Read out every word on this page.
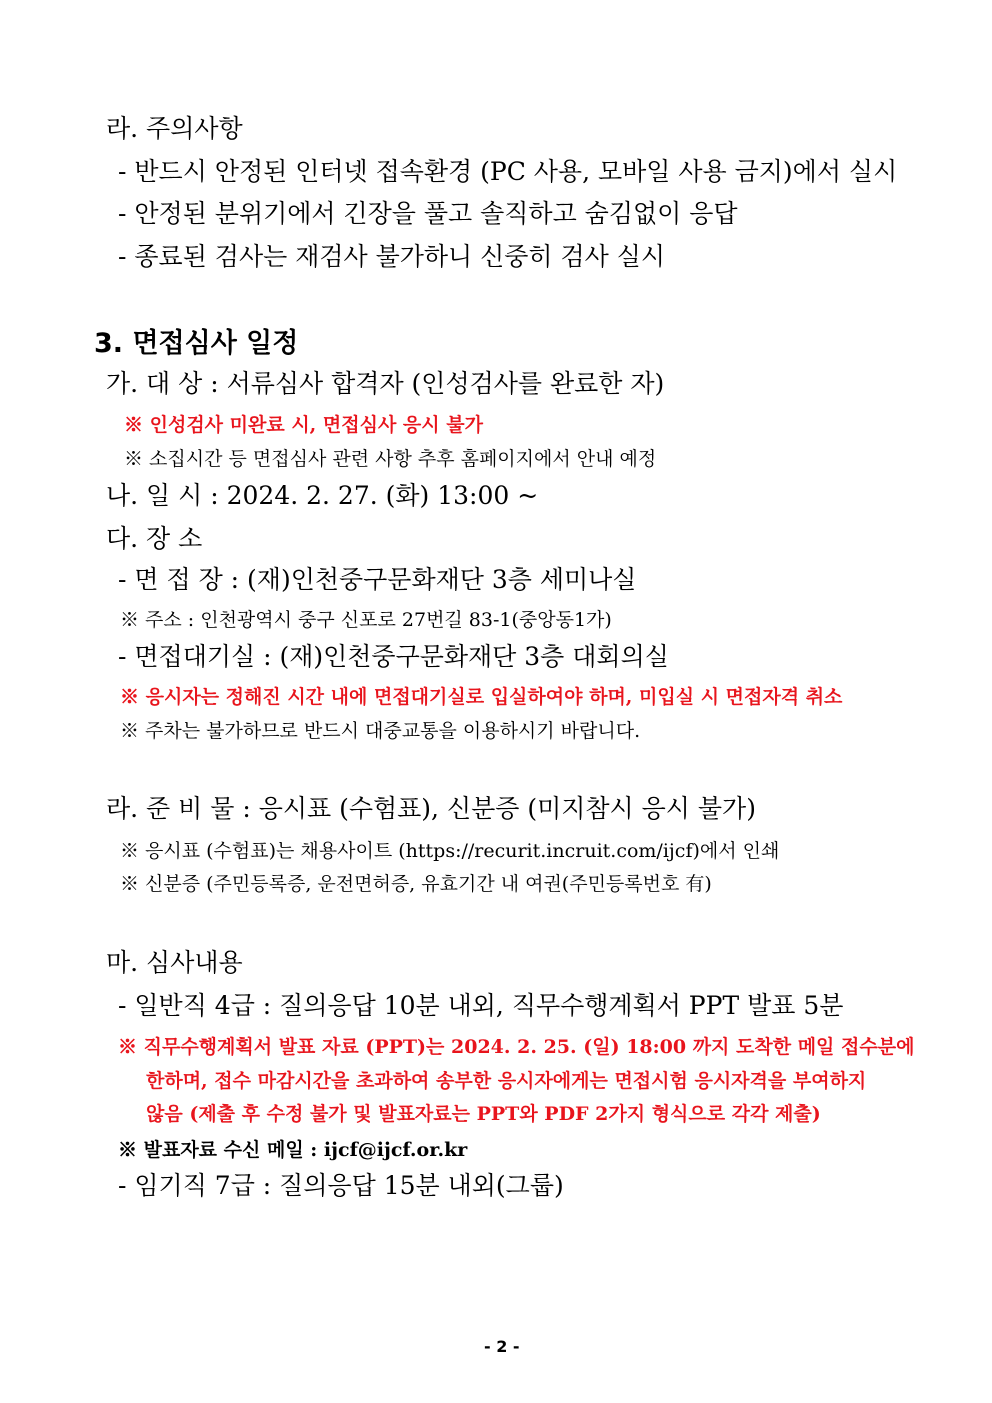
라. 주의사항
- 반드시 안정된 인터넷 접속환경 (PC 사용, 모바일 사용 금지)에서 실시
- 안정된 분위기에서 긴장을 풀고 솔직하고 숨김없이 응답
- 종료된 검사는 재검사 불가하니 신중히 검사 실시
3. 면접심사 일정
가. 대 상 : 서류심사 합격자 (인성검사를 완료한 자)
※ 인성검사 미완료 시, 면접심사 응시 불가
※ 소집시간 등 면접심사 관련 사항 추후 홈페이지에서 안내 예정
나. 일 시 : 2024. 2. 27. (화) 13:00 ~
다. 장 소
- 면 접 장 : (재)인천중구문화재단 3층 세미나실
※ 주소 : 인천광역시 중구 신포로 27번길 83-1(중앙동1가)
- 면접대기실 : (재)인천중구문화재단 3층 대회의실
※ 응시자는 정해진 시간 내에 면접대기실로 입실하여야 하며, 미입실 시 면접자격 취소
※ 주차는 불가하므로 반드시 대중교통을 이용하시기 바랍니다.
라. 준 비 물 : 응시표 (수험표), 신분증 (미지참시 응시 불가)
※ 응시표 (수험표)는 채용사이트 (https://recurit.incruit.com/ijcf)에서 인쇄
※ 신분증 (주민등록증, 운전면허증, 유효기간 내 여권(주민등록번호 有)
마. 심사내용
- 일반직 4급 : 질의응답 10분 내외, 직무수행계획서 PPT 발표 5분
※ 직무수행계획서 발표 자료 (PPT)는 2024. 2. 25. (일) 18:00 까지 도착한 메일 접수분에
한하며, 접수 마감시간을 초과하여 송부한 응시자에게는 면접시험 응시자격을 부여하지
않음 (제출 후 수정 불가 및 발표자료는 PPT와 PDF 2가지 형식으로 각각 제출)
※ 발표자료 수신 메일 : ijcf@ijcf.or.kr
- 임기직 7급 : 질의응답 15분 내외(그룹)
- 2 -
